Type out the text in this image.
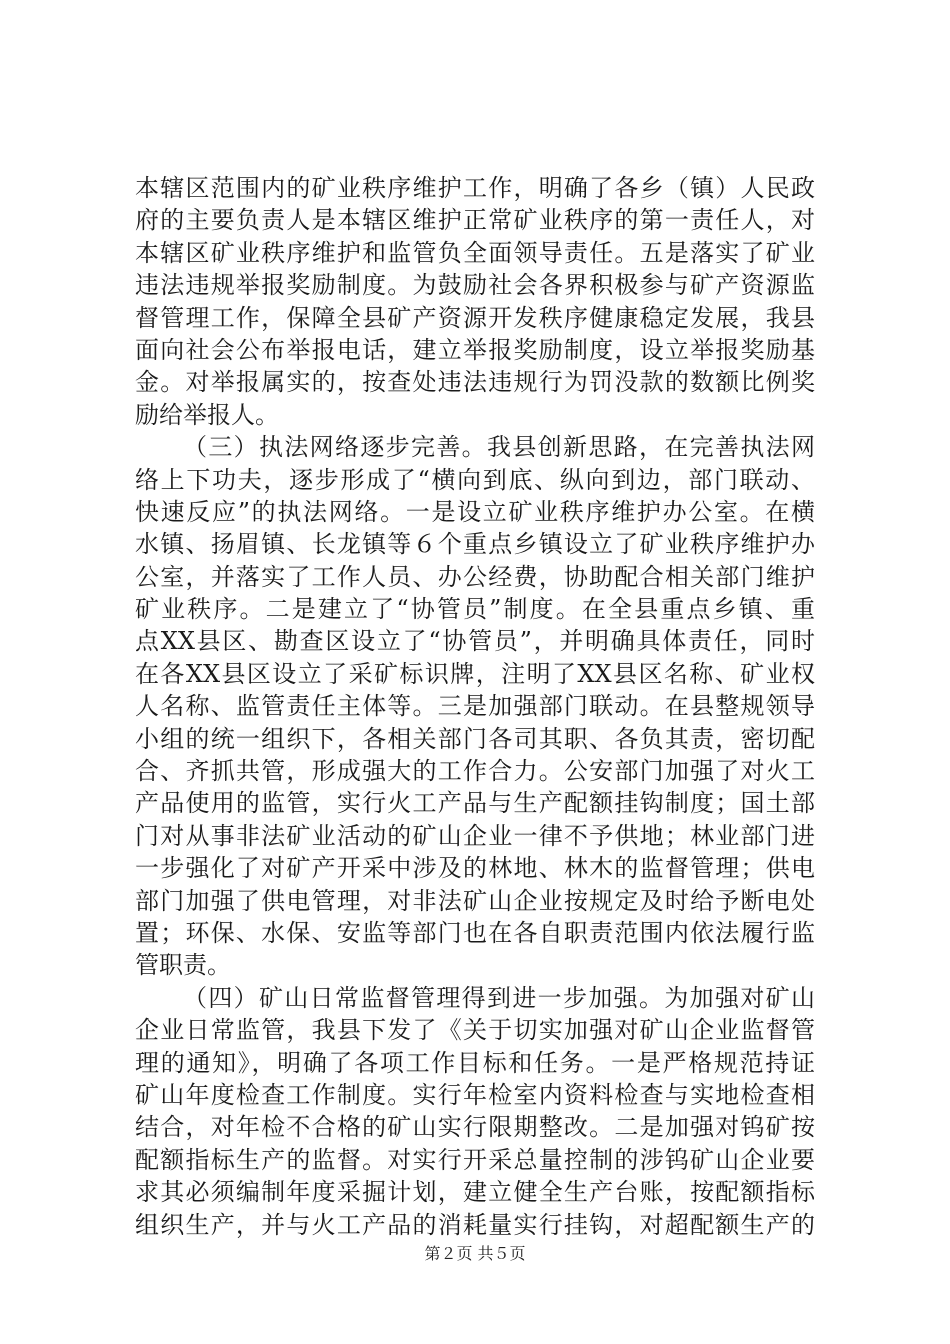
本辖区范围内的矿业秩序维护工作，明确了各乡（镇）人民政
府的主要负责人是本辖区维护正常矿业秩序的第一责任人，对
本辖区矿业秩序维护和监管负全面领导责任。五是落实了矿业
违法违规举报奖励制度。为鼓励社会各界积极参与矿产资源监
督管理工作，保障全县矿产资源开发秩序健康稳定发展，我县
面向社会公布举报电话，建立举报奖励制度，设立举报奖励基
金。对举报属实的，按查处违法违规行为罚没款的数额比例奖
励给举报人。
（三）执法网络逐步完善。我县创新思路，在完善执法网
络上下功夫，逐步形成了“横向到底、纵向到边，部门联动、
快速反应”的执法网络。一是设立矿业秩序维护办公室。在横
水镇、扬眉镇、长龙镇等６个重点乡镇设立了矿业秩序维护办
公室，并落实了工作人员、办公经费，协助配合相关部门维护
矿业秩序。二是建立了“协管员”制度。在全县重点乡镇、重
点XX县区、勘查区设立了“协管员”，并明确具体责任，同时
在各XX县区设立了采矿标识牌，注明了XX县区名称、矿业权
人名称、监管责任主体等。三是加强部门联动。在县整规领导
小组的统一组织下，各相关部门各司其职、各负其责，密切配
合、齐抓共管，形成强大的工作合力。公安部门加强了对火工
产品使用的监管，实行火工产品与生产配额挂钩制度；国土部
门对从事非法矿业活动的矿山企业一律不予供地；林业部门进
一步强化了对矿产开采中涉及的林地、林木的监督管理；供电
部门加强了供电管理，对非法矿山企业按规定及时给予断电处
置；环保、水保、安监等部门也在各自职责范围内依法履行监
管职责。
（四）矿山日常监督管理得到进一步加强。为加强对矿山
企业日常监管，我县下发了《关于切实加强对矿山企业监督管
理的通知》，明确了各项工作目标和任务。一是严格规范持证
矿山年度检查工作制度。实行年检室内资料检查与实地检查相
结合，对年检不合格的矿山实行限期整改。二是加强对钨矿按
配额指标生产的监督。对实行开采总量控制的涉钨矿山企业要
求其必须编制年度采掘计划，建立健全生产台账，按配额指标
组织生产，并与火工产品的消耗量实行挂钩，对超配额生产的
第２页 共５页
